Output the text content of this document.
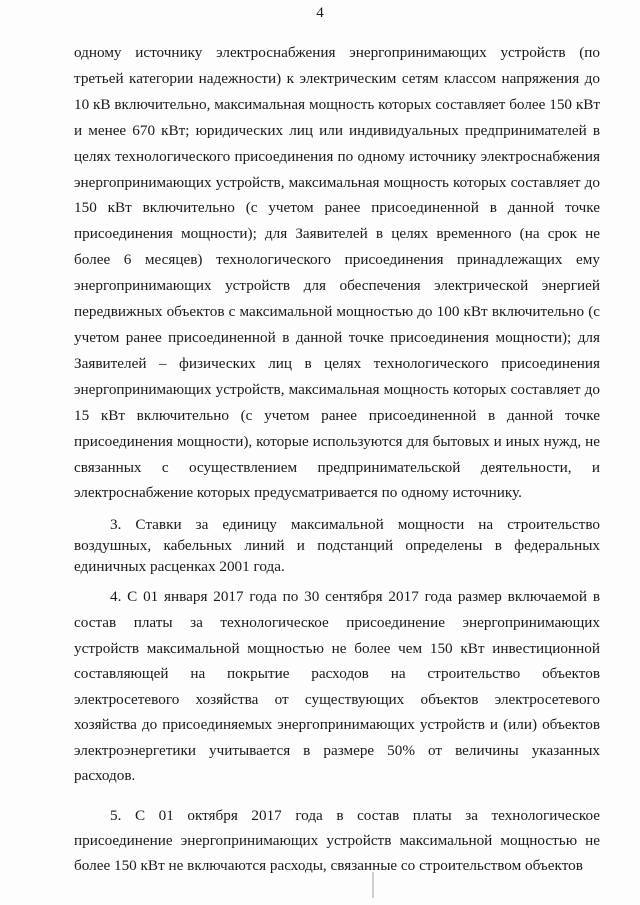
4

одному источнику электроснабжения энергопринимающих устройств (по третьей категории надежности) к электрическим сетям классом напряжения до 10 кВ включительно, максимальная мощность которых составляет более 150 кВт и менее 670 кВт; юридических лиц или индивидуальных предпринимателей в целях технологического присоединения по одному источнику электроснабжения энергопринимающих устройств, максимальная мощность которых составляет до 150 кВт включительно (с учетом ранее присоединенной в данной точке присоединения мощности); для Заявителей в целях временного (на срок не более 6 месяцев) технологического присоединения принадлежащих ему энергопринимающих устройств для обеспечения электрической энергией передвижных объектов с максимальной мощностью до 100 кВт включительно (с учетом ранее присоединенной в данной точке присоединения мощности); для Заявителей – физических лиц в целях технологического присоединения энергопринимающих устройств, максимальная мощность которых составляет до 15 кВт включительно (с учетом ранее присоединенной в данной точке присоединения мощности), которые используются для бытовых и иных нужд, не связанных с осуществлением предпринимательской деятельности, и электроснабжение которых предусматривается по одному источнику.

3. Ставки за единицу максимальной мощности на строительство воздушных, кабельных линий и подстанций определены в федеральных единичных расценках 2001 года.

4. С 01 января 2017 года по 30 сентября 2017 года размер включаемой в состав платы за технологическое присоединение энергопринимающих устройств максимальной мощностью не более чем 150 кВт инвестиционной составляющей на покрытие расходов на строительство объектов электросетевого хозяйства от существующих объектов электросетевого хозяйства до присоединяемых энергопринимающих устройств и (или) объектов электроэнергетики учитывается в размере 50% от величины указанных расходов.

5. С 01 октября 2017 года в состав платы за технологическое присоединение энергопринимающих устройств максимальной мощностью не более 150 кВт не включаются расходы, связанные со строительством объектов
